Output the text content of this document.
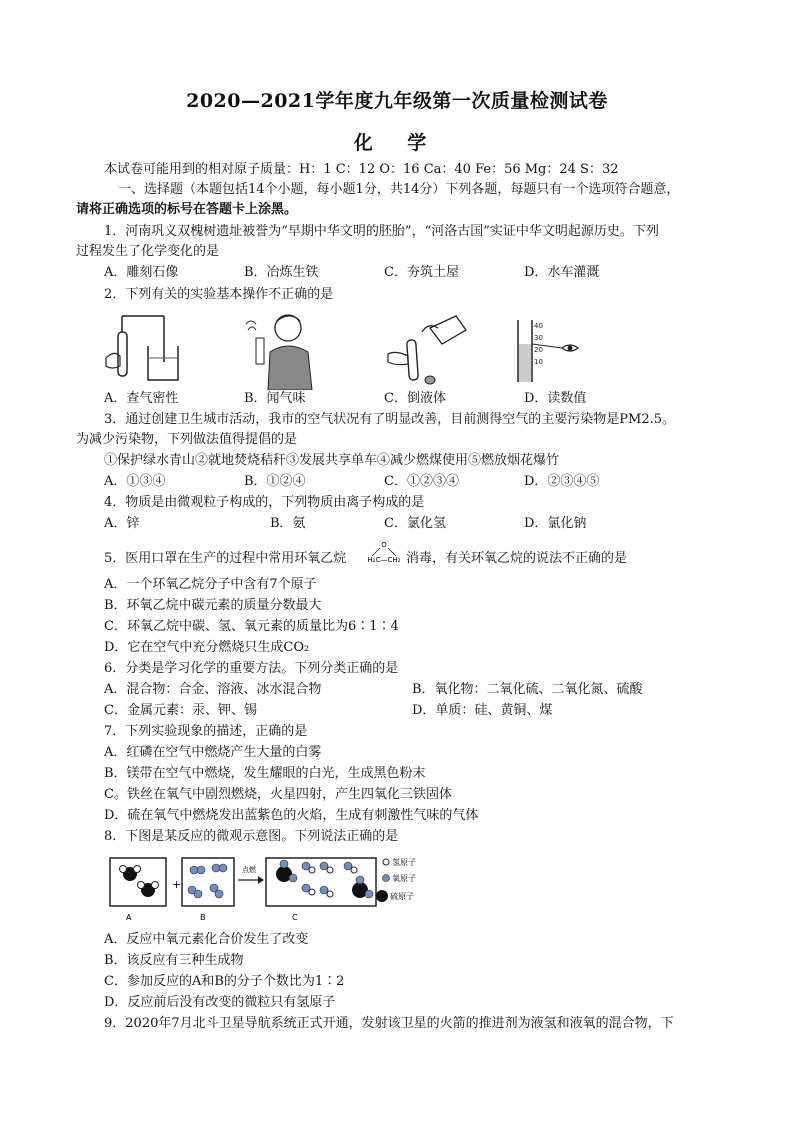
2020—2021学年度九年级第一次质量检测试卷
化 学
本试卷可能用到的相对原子质量：H：1 C：12 O：16 Ca：40 Fe：56 Mg：24 S：32
一、选择题（本题包括14个小题，每小题1分，共14分）下列各题，每题只有一个选项符合题意，
请将正确选项的标号在答题卡上涂黑。
1．河南巩义双槐树遗址被誉为“早期中华文明的胚胎”，“河洛古国”实证中华文明起源历史。下列
过程发生了化学变化的是
A．雕刻石像	B．冶炼生铁	C．夯筑土屋	D．水车灌溉
2．下列有关的实验基本操作不正确的是
40
30
20
10
A．查气密性	B．闻气味	C．倒液体	D．读数值
3．通过创建卫生城市活动，我市的空气状况有了明显改善，目前测得空气的主要污染物是PM2.5。
为减少污染物，下列做法值得提倡的是
①保护绿水青山②就地焚烧秸秆③发展共享单车④减少燃煤使用⑤燃放烟花爆竹
A．①③④	B．①②④	C．①②③④	D．②③④⑤
4．物质是由微观粒子构成的，下列物质由离子构成的是
A．锌	B．氨	C．氯化氢	D．氯化钠
5．医用口罩在生产的过程中常用环氧乙烷
O
H₂C—CH₂ 消毒，有关环氧乙烷的说法不正确的是
A．一个环氧乙烷分子中含有7个原子
B．环氧乙烷中碳元素的质量分数最大
C．环氧乙烷中碳、氢、氧元素的质量比为6∶1∶4
D．它在空气中充分燃烧只生成CO₂
6．分类是学习化学的重要方法。下列分类正确的是
A．混合物：合金、溶液、冰水混合物	B．氧化物：二氧化硫、二氧化氮、硫酸
C．金属元素：汞、钾、锡	D．单质：硅、黄铜、煤
7．下列实验现象的描述，正确的是
A．红磷在空气中燃烧产生大量的白雾
B．镁带在空气中燃烧，发生耀眼的白光，生成黑色粉末
C。铁丝在氧气中剧烈燃烧，火星四射，产生四氧化三铁固体
D．硫在氧气中燃烧发出蓝紫色的火焰，生成有刺激性气味的气体
8．下图是某反应的微观示意图。下列说法正确的是
+
点燃
A	B	C
氢原子
氧原子
硫原子
A．反应中氧元素化合价发生了改变
B．该反应有三种生成物
C．参加反应的A和B的分子个数比为1∶2
D．反应前后没有改变的微粒只有氢原子
9．2020年7月北斗卫星导航系统正式开通，发射该卫星的火箭的推进剂为液氢和液氧的混合物，下
